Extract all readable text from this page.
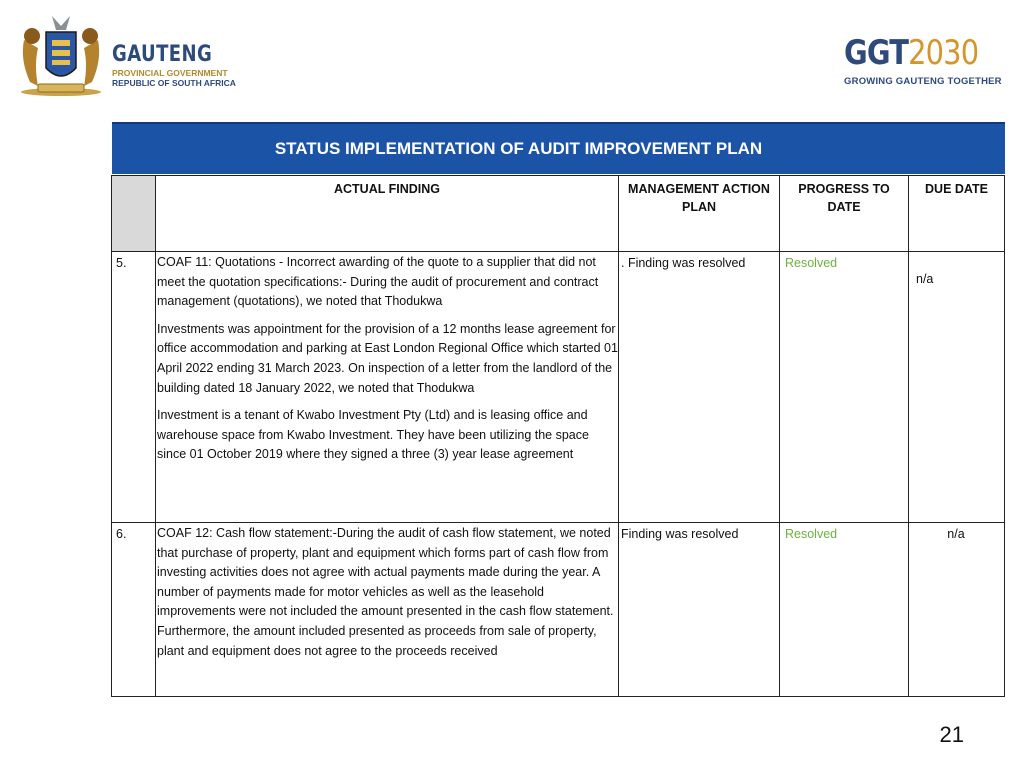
GAUTENG
PROVINCIAL GOVERNMENT
REPUBLIC OF SOUTH AFRICA
GGT2030
GROWING GAUTENG TOGETHER
STATUS IMPLEMENTATION OF AUDIT IMPROVEMENT PLAN
	ACTUAL FINDING	MANAGEMENT ACTION PLAN	PROGRESS TO DATE	DUE DATE
5.	COAF 11: Quotations - Incorrect awarding of the quote to a supplier that did not meet the quotation specifications:- During the audit of procurement and contract management (quotations), we noted that Thodukwa

Investments was appointment for the provision of a 12 months lease agreement for office accommodation and parking at East London Regional Office which started 01 April 2022 ending 31 March 2023. On inspection of a letter from the landlord of the building dated 18 January 2022, we noted that Thodukwa

Investment is a tenant of Kwabo Investment Pty (Ltd) and is leasing office and warehouse space from Kwabo Investment. They have been utilizing the space since 01 October 2019 where they signed a three (3) year lease agreement	. Finding was resolved	Resolved	n/a
6.	COAF 12: Cash flow statement:-During the audit of cash flow statement, we noted that purchase of property, plant and equipment which forms part of cash flow from investing activities does not agree with actual payments made during the year. A number of payments made for motor vehicles as well as the leasehold improvements were not included the amount presented in the cash flow statement. Furthermore, the amount included presented as proceeds from sale of property, plant and equipment does not agree to the proceeds received	Finding was resolved	Resolved	n/a
21
